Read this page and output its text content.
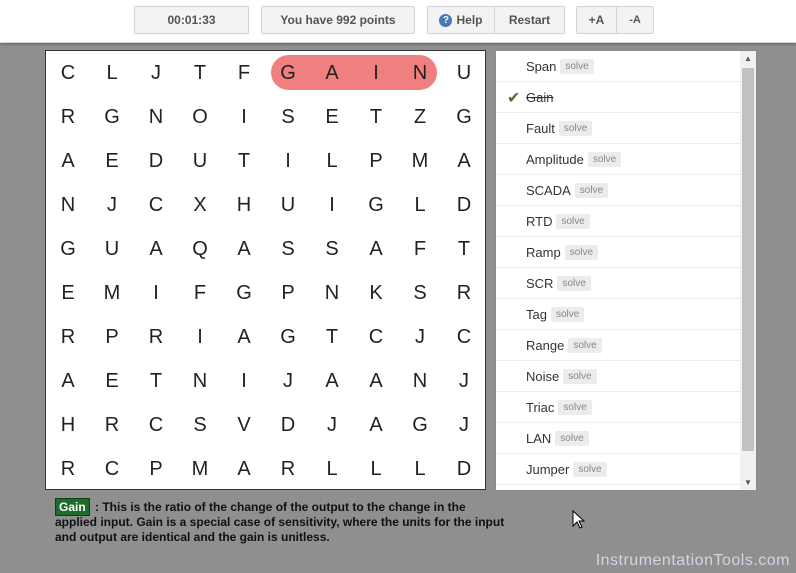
00:01:33	You have 992 points	? Help	Restart	+A	-A
C	L	J	T	F	G	A	I	N	U
R	G	N	O	I	S	E	T	Z	G
A	E	D	U	T	I	L	P	M	A
N	J	C	X	H	U	I	G	L	D
G	U	A	Q	A	S	S	A	F	T
E	M	I	F	G	P	N	K	S	R
R	P	R	I	A	G	T	C	J	C
A	E	T	N	I	J	A	A	N	J
H	R	C	S	V	D	J	A	G	J
R	C	P	M	A	R	L	L	L	D
Span solve
✔ Gain
Fault solve
Amplitude solve
SCADA solve
RTD solve
Ramp solve
SCR solve
Tag solve
Range solve
Noise solve
Triac solve
LAN solve
Jumper solve
▲
▼
Gain : This is the ratio of the change of the output to the change in the applied input. Gain is a special case of sensitivity, where the units for the input and output are identical and the gain is unitless.
InstrumentationTools.com
